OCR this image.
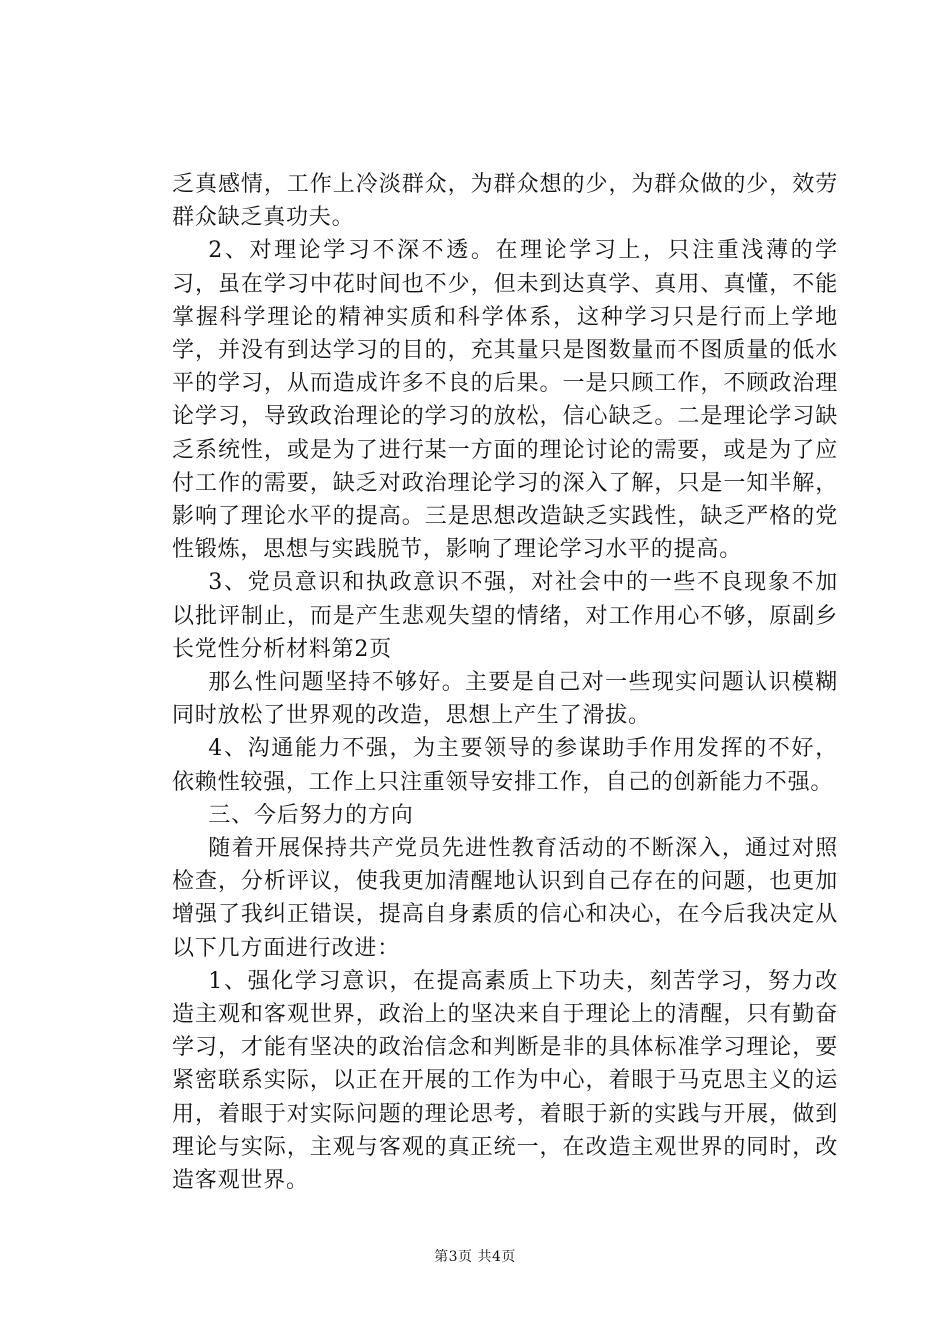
乏真感情，工作上冷淡群众，为群众想的少，为群众做的少，效劳群众缺乏真功夫。

2、对理论学习不深不透。在理论学习上，只注重浅薄的学习，虽在学习中花时间也不少，但未到达真学、真用、真懂，不能掌握科学理论的精神实质和科学体系，这种学习只是行而上学地学，并没有到达学习的目的，充其量只是图数量而不图质量的低水平的学习，从而造成许多不良的后果。一是只顾工作，不顾政治理论学习，导致政治理论的学习的放松，信心缺乏。二是理论学习缺乏系统性，或是为了进行某一方面的理论讨论的需要，或是为了应付工作的需要，缺乏对政治理论学习的深入了解，只是一知半解，影响了理论水平的提高。三是思想改造缺乏实践性，缺乏严格的党性锻炼，思想与实践脱节，影响了理论学习水平的提高。

3、党员意识和执政意识不强，对社会中的一些不良现象不加以批评制止，而是产生悲观失望的情绪，对工作用心不够，原副乡长党性分析材料第2页

那么性问题坚持不够好。主要是自己对一些现实问题认识模糊同时放松了世界观的改造，思想上产生了滑拔。

4、沟通能力不强，为主要领导的参谋助手作用发挥的不好，依赖性较强，工作上只注重领导安排工作，自己的创新能力不强。

三、今后努力的方向

随着开展保持共产党员先进性教育活动的不断深入，通过对照检查，分析评议，使我更加清醒地认识到自己存在的问题，也更加增强了我纠正错误，提高自身素质的信心和决心，在今后我决定从以下几方面进行改进：

1、强化学习意识，在提高素质上下功夫，刻苦学习，努力改造主观和客观世界，政治上的坚决来自于理论上的清醒，只有勤奋学习，才能有坚决的政治信念和判断是非的具体标准学习理论，要紧密联系实际，以正在开展的工作为中心，着眼于马克思主义的运用，着眼于对实际问题的理论思考，着眼于新的实践与开展，做到理论与实际，主观与客观的真正统一，在改造主观世界的同时，改造客观世界。

第3页 共4页
